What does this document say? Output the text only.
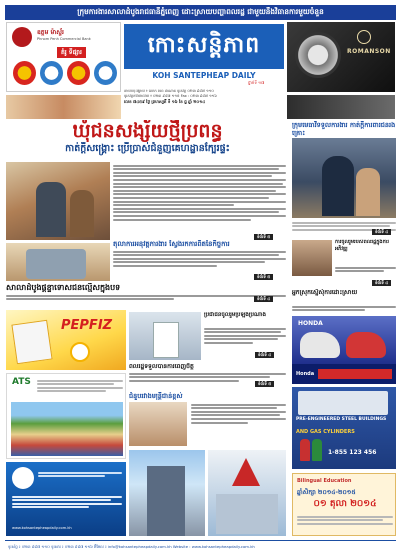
ក្រុមការងារសាលាដំបូងរាជធានីភ្នំពេញ ដោះស្រាយបញ្ហាពលរដ្ឋ ជាមួយនឹងវិធានការមួយចំនួន
ឧត្តម ម៉ាស្ទ័រ
Phnom Penh Commercial Bank
គំរូ ទីផ្សារ	កោះសន្តិភាព
KOH SANTEPHEAP DAILY
ថ្នាក់ទី ១៧
ROMANSON
នាយកចុះផ្សាយ ៖ លោក ទេព ដាណាត ទូរស័ព្ទ ០២៣ ៩៨៧ ១១០
ទូរស័ព្ទការិយាល័យ ៖ ០២៣ ៩៨៧ ១១៥ Fax : ០២៣ ៩៨៧ ១១៦
លេខ ៧៤៥៩ ថ្ងៃ ព្រហស្បតិ៍ ទី ១៦ ខែ ធ្នូ ឆ្នាំ ២០១៤
ឃុំជនសង្ស័យថ្មីប្រពន្ធ
កាត់ក្តីសង្គ្រោះ ប្រើប្រាស់ជំនួញគេហដ្ឋានក្បែរផ្ទះ
ទំព័រទី ៥
តុលាការអនុវត្តការងារ ស្វែងរកការពិតនៃកិច្ចការ
ទំព័រទី ៥
សាលាដំបូងផ្តន្ទាទោសជនល្មើសក្នុងបទ
ទំព័រទី ៤
ក្រុមមេធាវីទទួលការងារ កាត់ក្តីការពារជនរងគ្រោះ
ទំព័រទី ៤
ការចូលរួមរបស់ពលរដ្ឋក្នុងការអភិវឌ្ឍ
ទំព័រទី ៤
អ្នកស្រុកស្នើសុំការដោះស្រាយ
PEPFIZ
ប្រជាជនចូលរួមប្រឡងប្រណាំង
ទំព័រទី ៤
HONDA
Honda
ពលរដ្ឋទទួលបានការពេញចិត្ត
ទំព័រទី ៥
ATS
ជំនួបរវាងមន្ត្រីជាន់ខ្ពស់
PRE-ENGINEERED STEEL BUILDINGS
AND GAS CYLINDERS
1-855 123 456
www.kohsantepheapdaily.com.kh
Bilingual Education
ឆ្នាំសិក្សា ២០១៤-២០១៥
០១ តុលា ២០១៤
ទូរស័ព្ទ ៖ ០២៣ ៩៨៧ ១១០ ទូរសារ ៖ ០២៣ ៩៨៧ ១១៦ អ៊ីមែល ៖ info@kohsantepheapdaily.com.kh Website : www.kohsantepheapdaily.com.kh
